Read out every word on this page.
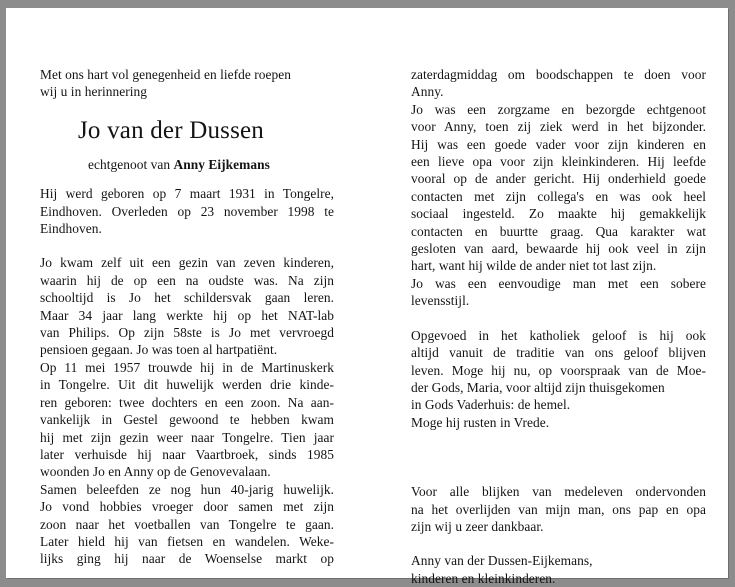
Met ons hart vol genegenheid en liefde roepen
wij u in herinnering
Jo van der Dussen
echtgenoot van Anny Eijkemans
Hij werd geboren op 7 maart 1931 in Tongelre,
Eindhoven. Overleden op 23 november 1998 te
Eindhoven.
Jo kwam zelf uit een gezin van zeven kinderen,
waarin hij de op een na oudste was. Na zijn
schooltijd is Jo het schildersvak gaan leren.
Maar 34 jaar lang werkte hij op het NAT-lab
van Philips. Op zijn 58ste is Jo met vervroegd
pensioen gegaan. Jo was toen al hartpatiënt.
Op 11 mei 1957 trouwde hij in de Martinuskerk
in Tongelre. Uit dit huwelijk werden drie kinde-
ren geboren: twee dochters en een zoon. Na aan-
vankelijk in Gestel gewoond te hebben kwam
hij met zijn gezin weer naar Tongelre. Tien jaar
later verhuisde hij naar Vaartbroek, sinds 1985
woonden Jo en Anny op de Genovevalaan.
Samen beleefden ze nog hun 40-jarig huwelijk.
Jo vond hobbies vroeger door samen met zijn
zoon naar het voetballen van Tongelre te gaan.
Later hield hij van fietsen en wandelen. Weke-
lijks ging hij naar de Woenselse markt op
zaterdagmiddag om boodschappen te doen voor
Anny.
Jo was een zorgzame en bezorgde echtgenoot
voor Anny, toen zij ziek werd in het bijzonder.
Hij was een goede vader voor zijn kinderen en
een lieve opa voor zijn kleinkinderen. Hij leefde
vooral op de ander gericht. Hij onderhield goede
contacten met zijn collega's en was ook heel
sociaal ingesteld. Zo maakte hij gemakkelijk
contacten en buurtte graag. Qua karakter wat
gesloten van aard, bewaarde hij ook veel in zijn
hart, want hij wilde de ander niet tot last zijn.
Jo was een eenvoudige man met een sobere
levensstijl.
Opgevoed in het katholiek geloof is hij ook
altijd vanuit de traditie van ons geloof blijven
leven. Moge hij nu, op voorspraak van de Moe-
der Gods, Maria, voor altijd zijn thuisgekomen
in Gods Vaderhuis: de hemel.
Moge hij rusten in Vrede.
Voor alle blijken van medeleven ondervonden
na het overlijden van mijn man, ons pap en opa
zijn wij u zeer dankbaar.
Anny van der Dussen-Eijkemans,
kinderen en kleinkinderen.
